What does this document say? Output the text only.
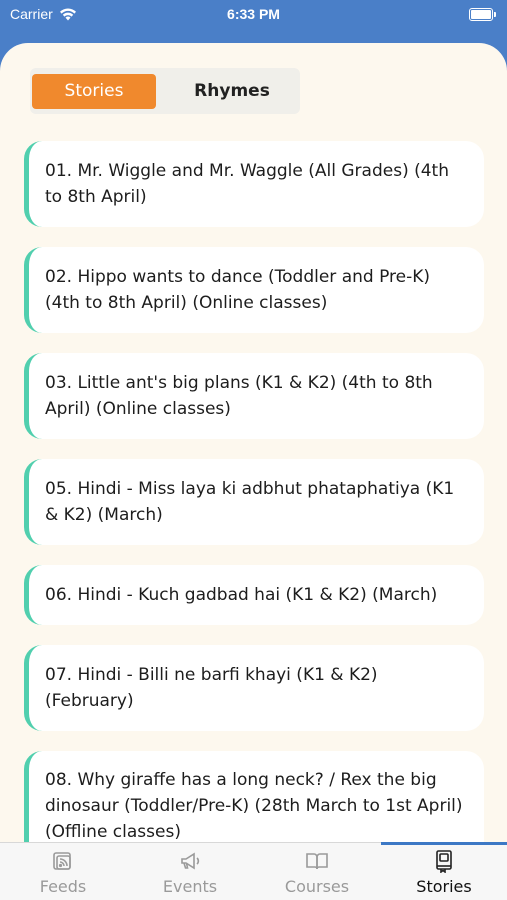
Carrier	6:33 PM
Stories	Rhymes
01. Mr. Wiggle and Mr. Waggle (All Grades) (4th to 8th April)
02. Hippo wants to dance (Toddler and Pre-K) (4th to 8th April) (Online classes)
03. Little ant's big plans (K1 & K2) (4th to 8th April) (Online classes)
05. Hindi - Miss laya ki adbhut phataphatiya (K1 & K2) (March)
06. Hindi - Kuch gadbad hai (K1 & K2) (March)
07. Hindi - Billi ne barfi khayi (K1 & K2) (February)
08. Why giraffe has a long neck? / Rex the big dinosaur (Toddler/Pre-K) (28th March to 1st April) (Offline classes)
Feeds	Events	Courses	Stories
